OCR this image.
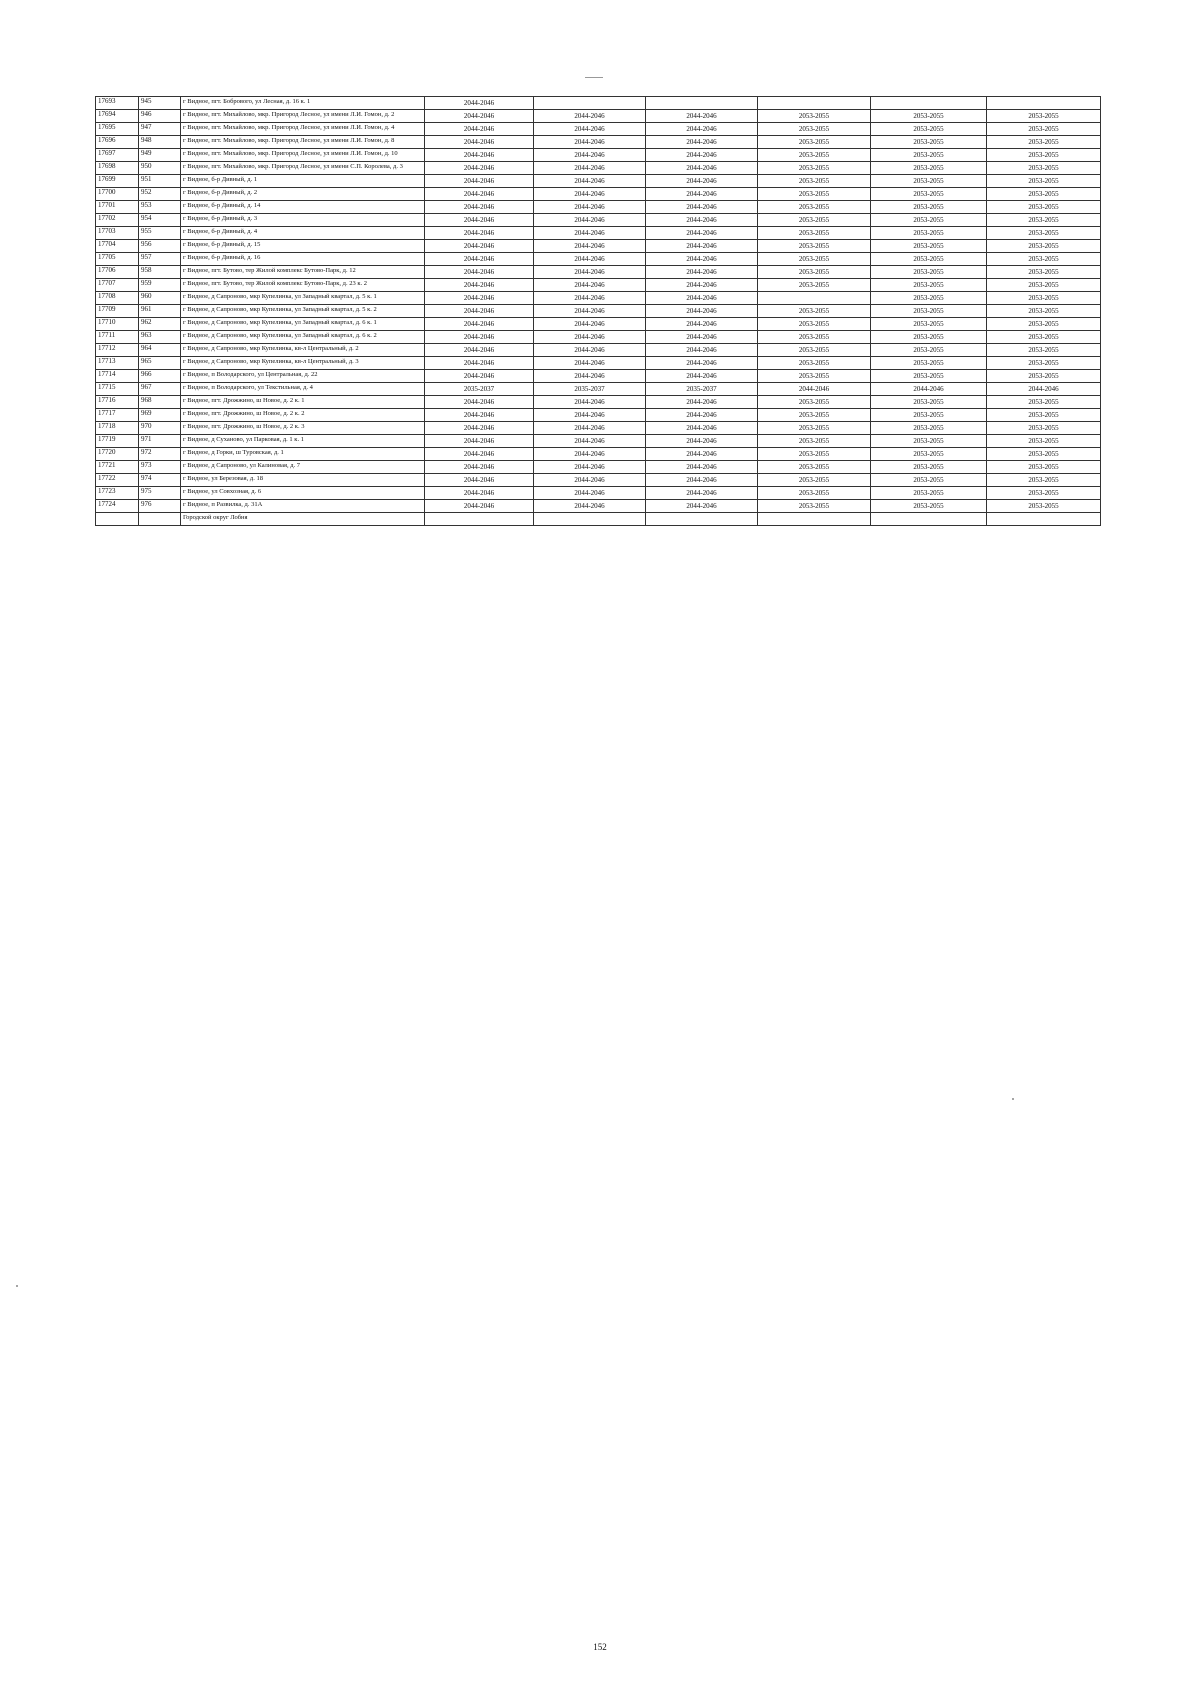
17693	945	г Видное, пгт. Бобрового, ул Лесная, д. 16 к. 1	2044-2046					
17694	946	г Видное, пгт. Михайлово, мкр. Пригород Лесное, ул имени Л.И. Гомон, д. 2	2044-2046	2044-2046	2044-2046	2053-2055	2053-2055	2053-2055
17695	947	г Видное, пгт. Михайлово, мкр. Пригород Лесное, ул имени Л.И. Гомон, д. 4	2044-2046	2044-2046	2044-2046	2053-2055	2053-2055	2053-2055
17696	948	г Видное, пгт. Михайлово, мкр. Пригород Лесное, ул имени Л.И. Гомон, д. 8	2044-2046	2044-2046	2044-2046	2053-2055	2053-2055	2053-2055
17697	949	г Видное, пгт. Михайлово, мкр. Пригород Лесное, ул имени Л.И. Гомон, д. 10	2044-2046	2044-2046	2044-2046	2053-2055	2053-2055	2053-2055
17698	950	г Видное, пгт. Михайлово, мкр. Пригород Лесное, ул имени С.П. Королева, д. 3	2044-2046	2044-2046	2044-2046	2053-2055	2053-2055	2053-2055
17699	951	г Видное, б-р Дивный, д. 1	2044-2046	2044-2046	2044-2046	2053-2055	2053-2055	2053-2055
17700	952	г Видное, б-р Дивный, д. 2	2044-2046	2044-2046	2044-2046	2053-2055	2053-2055	2053-2055
17701	953	г Видное, б-р Дивный, д. 14	2044-2046	2044-2046	2044-2046	2053-2055	2053-2055	2053-2055
17702	954	г Видное, б-р Дивный, д. 3	2044-2046	2044-2046	2044-2046	2053-2055	2053-2055	2053-2055
17703	955	г Видное, б-р Дивный, д. 4	2044-2046	2044-2046	2044-2046	2053-2055	2053-2055	2053-2055
17704	956	г Видное, б-р Дивный, д. 15	2044-2046	2044-2046	2044-2046	2053-2055	2053-2055	2053-2055
17705	957	г Видное, б-р Дивный, д. 16	2044-2046	2044-2046	2044-2046	2053-2055	2053-2055	2053-2055
17706	958	г Видное, пгт. Бутово, тер Жилой комплекс Бутово-Парк, д. 12	2044-2046	2044-2046	2044-2046	2053-2055	2053-2055	2053-2055
17707	959	г Видное, пгт. Бутово, тер Жилой комплекс Бутово-Парк, д. 23 к. 2	2044-2046	2044-2046	2044-2046	2053-2055	2053-2055	2053-2055
17708	960	г Видное, д Сапроново, мкр Купелинка, ул Западный квартал, д. 5 к. 1	2044-2046	2044-2046	2044-2046		2053-2055	2053-2055
17709	961	г Видное, д Сапроново, мкр Купелинка, ул Западный квартал, д. 5 к. 2	2044-2046	2044-2046	2044-2046	2053-2055	2053-2055	2053-2055
17710	962	г Видное, д Сапроново, мкр Купелинка, ул Западный квартал, д. 6 к. 1	2044-2046	2044-2046	2044-2046	2053-2055	2053-2055	2053-2055
17711	963	г Видное, д Сапроново, мкр Купелинка, ул Западный квартал, д. 6 к. 2	2044-2046	2044-2046	2044-2046	2053-2055	2053-2055	2053-2055
17712	964	г Видное, д Сапроново, мкр Купелинка, кв-л Центральный, д. 2	2044-2046	2044-2046	2044-2046	2053-2055	2053-2055	2053-2055
17713	965	г Видное, д Сапроново, мкр Купелинка, кв-л Центральный, д. 3	2044-2046	2044-2046	2044-2046	2053-2055	2053-2055	2053-2055
17714	966	г Видное, п Володарского, ул Центральная, д. 22	2044-2046	2044-2046	2044-2046	2053-2055	2053-2055	2053-2055
17715	967	г Видное, п Володарского, ул Текстильная, д. 4	2035-2037	2035-2037	2035-2037	2044-2046	2044-2046	2044-2046
17716	968	г Видное, пгт. Дрожжино, ш Новое, д. 2 к. 1	2044-2046	2044-2046	2044-2046	2053-2055	2053-2055	2053-2055
17717	969	г Видное, пгт. Дрожжино, ш Новое, д. 2 к. 2	2044-2046	2044-2046	2044-2046	2053-2055	2053-2055	2053-2055
17718	970	г Видное, пгт. Дрожжино, ш Новое, д. 2 к. 3	2044-2046	2044-2046	2044-2046	2053-2055	2053-2055	2053-2055
17719	971	г Видное, д Суханово, ул Парковая, д. 1 к. 1	2044-2046	2044-2046	2044-2046	2053-2055	2053-2055	2053-2055
17720	972	г Видное, д Горки, ш Туровская, д. 1	2044-2046	2044-2046	2044-2046	2053-2055	2053-2055	2053-2055
17721	973	г Видное, д Сапроново, ул Калиновая, д. 7	2044-2046	2044-2046	2044-2046	2053-2055	2053-2055	2053-2055
17722	974	г Видное, ул Березовая, д. 18	2044-2046	2044-2046	2044-2046	2053-2055	2053-2055	2053-2055
17723	975	г Видное, ул Совхозная, д. 6	2044-2046	2044-2046	2044-2046	2053-2055	2053-2055	2053-2055
17724	976	г Видное, п Развилка, д. 31А	2044-2046	2044-2046	2044-2046	2053-2055	2053-2055	2053-2055
		Городской округ Лобня						
152
